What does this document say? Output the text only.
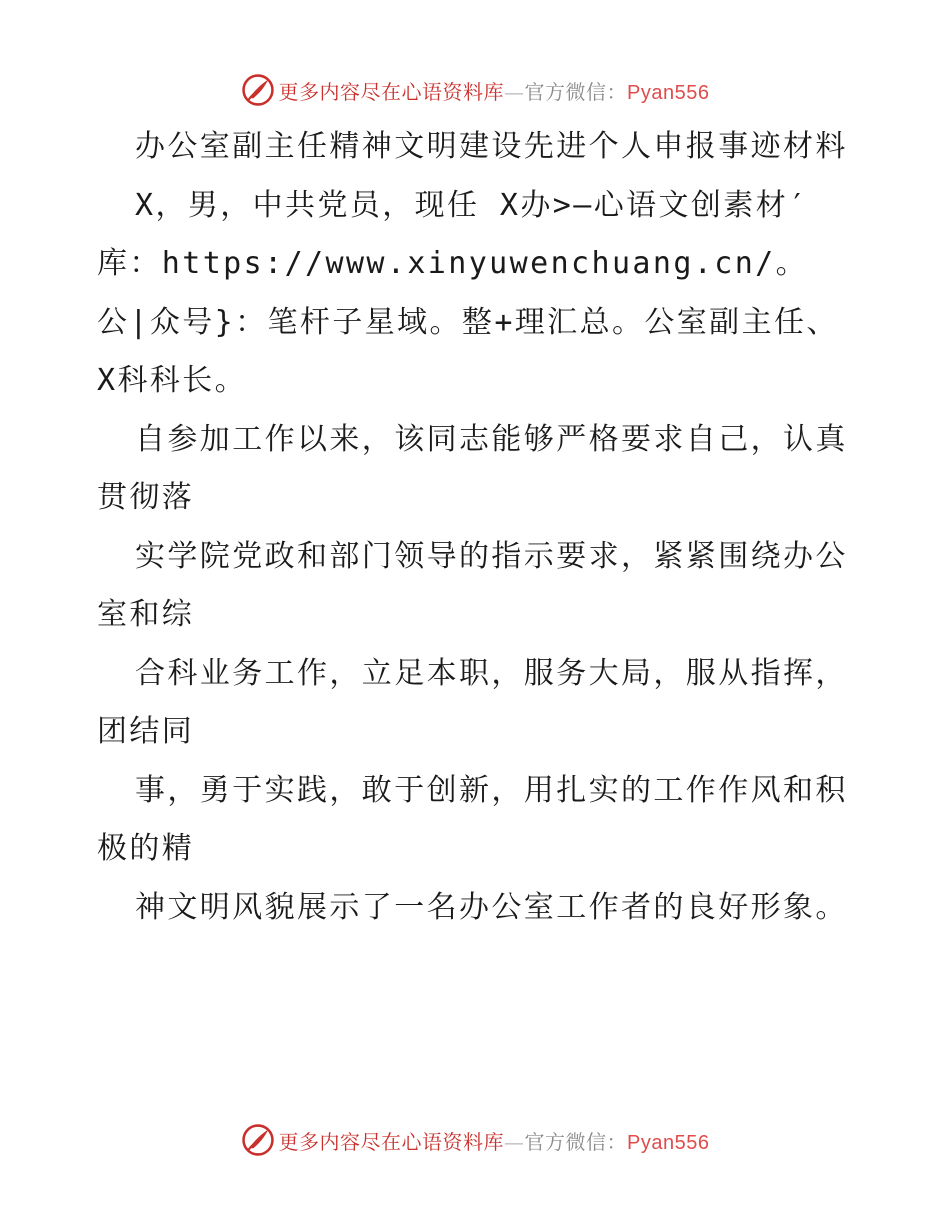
更多内容尽在心语资料库—官方微信：Pyan556

办公室副主任精神文明建设先进个人申报事迹材料

X，男，中共党员，现任 X办>—心语文创素材′库：https://www.xinyuwenchuang.cn/。公|众号}：笔杆子星域。整+理汇总。公室副主任、X科科长。

自参加工作以来，该同志能够严格要求自己，认真贯彻落

实学院党政和部门领导的指示要求，紧紧围绕办公室和综

合科业务工作，立足本职，服务大局，服从指挥，团结同

事，勇于实践，敢于创新，用扎实的工作作风和积极的精

神文明风貌展示了一名办公室工作者的良好形象。

更多内容尽在心语资料库—官方微信：Pyan556
